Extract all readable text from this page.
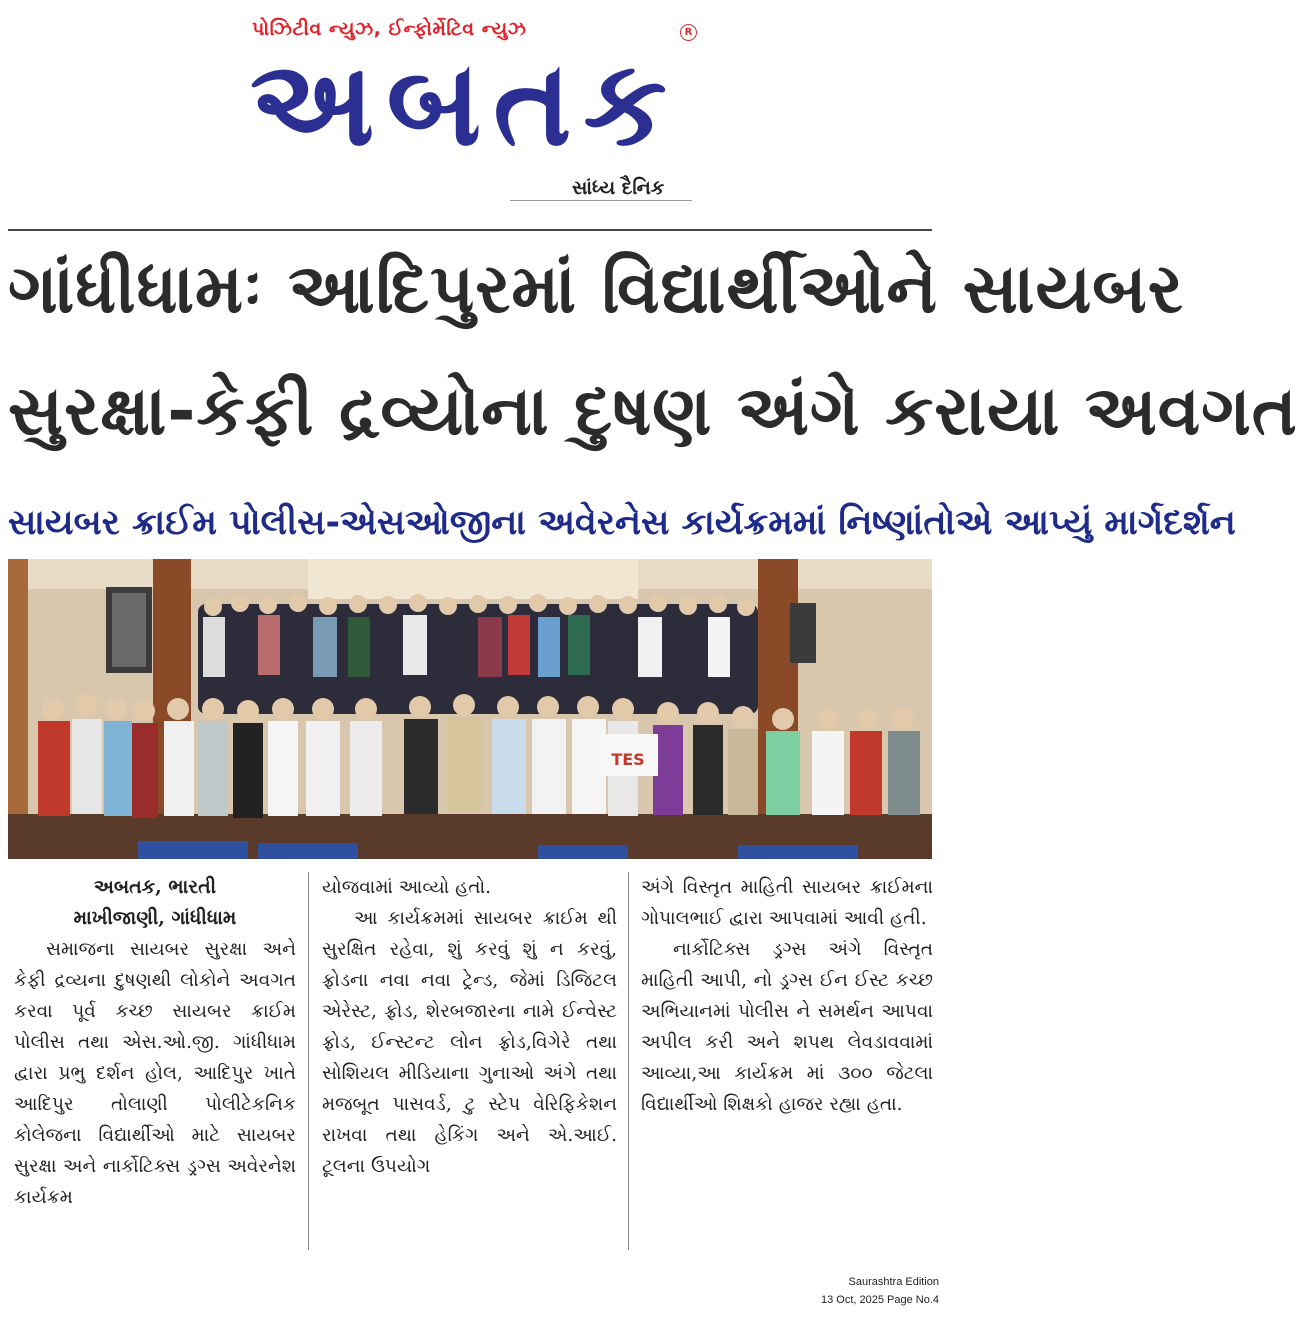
પોઝિટીવ ન્યુઝ, ઈન્ફોર્મેટિવ ન્યુઝ
અબતક
R
સાંધ્ય દૈનિક
ગાંધીધામઃ આદિપુરમાં વિદ્યાર્થીઓને સાયબર
સુરક્ષા-કેફી દ્રવ્યોના દુષણ અંગે કરાયા અવગત
સાયબર ક્રાઈમ પોલીસ-એસઓજીના અવેરનેસ કાર્યક્રમમાં નિષ્ણાંતોએ આપ્યું માર્ગદર્શન
TES
અબતક, ભારતી
માખીજાણી, ગાંધીધામ
સમાજના સાયબર સુરક્ષા અને કેફી દ્રવ્યના દુષણથી લોકોને અવગત કરવા પૂર્વ કચ્છ સાયબર ક્રાઈમ પોલીસ તથા એસ.ઓ.જી. ગાંધીધામ દ્વારા પ્રભુ દર્શન હોલ, આદિપુર ખાતે આદિપુર તોલાણી પોલીટેકનિક કોલેજના વિદ્યાર્થીઓ માટે સાયબર સુરક્ષા અને નાર્કોટિક્સ ડ્રગ્સ અવેરનેશ કાર્યક્રમ
યોજવામાં આવ્યો હતો.
આ કાર્યક્રમમાં સાયબર ક્રાઈમ થી સુરક્ષિત રહેવા, શું કરવું શું ન કરવું, ફ્રોડના નવા નવા ટ્રેન્ડ, જેમાં ડિજિટલ એરેસ્ટ, ફ્રોડ, શેરબજારના નામે ઈન્વેસ્ટ ફ્રોડ, ઈન્સ્ટન્ટ લોન ફ્રોડ,વિગેરે તથા સોશિયલ મીડિયાના ગુનાઓ અંગે તથા મજબૂત પાસવર્ડ, ટુ સ્ટેપ વેરિફિકેશન રાખવા તથા હેકિંગ અને એ.આઈ. ટૂલના ઉપયોગ
અંગે વિસ્તૃત માહિતી સાયબર ક્રાઈમના ગોપાલભાઈ દ્વારા આપવામાં આવી હતી.
નાર્કોટિક્સ ડ્રગ્સ અંગે વિસ્તૃત માહિતી આપી, નો ડ્રગ્સ ઈન ઈસ્ટ કચ્છ અભિયાનમાં પોલીસ ને સમર્થન આપવા અપીલ કરી અને શપથ લેવડાવવામાં આવ્યા,આ કાર્યક્રમ માં ૩૦૦ જેટલા વિદ્યાર્થીઓ શિક્ષકો હાજર રહ્યા હતા.
Saurashtra Edition
13 Oct, 2025 Page No.4
